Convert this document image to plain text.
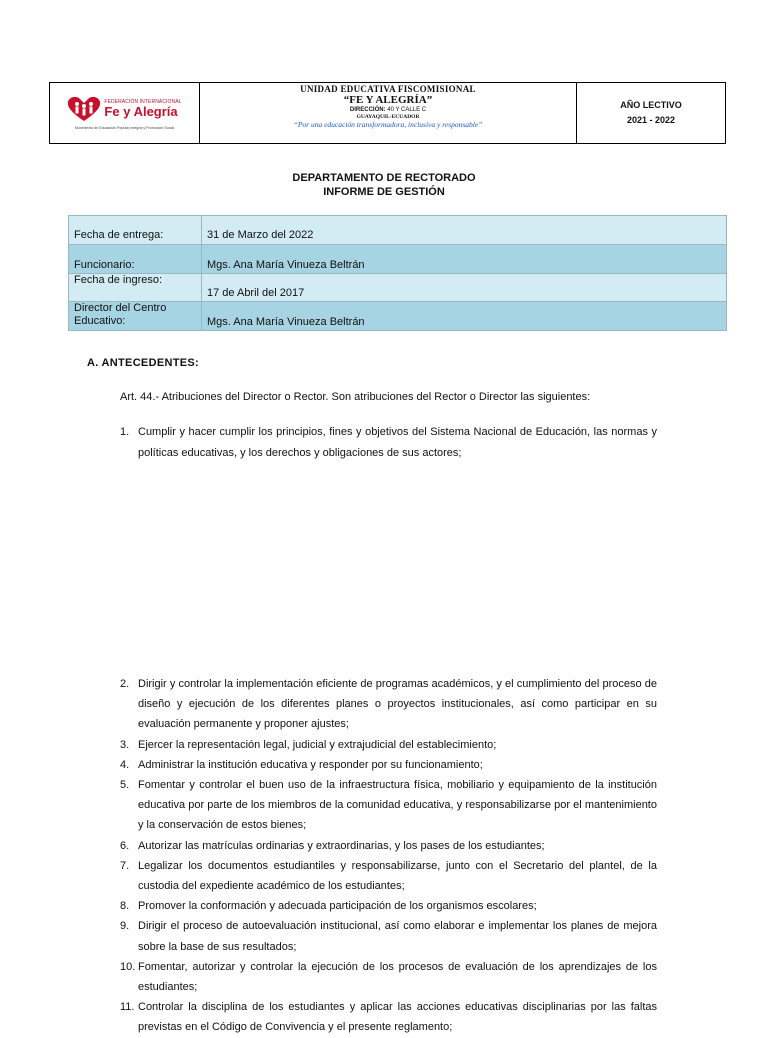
FEDERACIÓN INTERNACIONAL
Fe y Alegría
Movimiento de Educación Popular Integral y Promoción Social
UNIDAD EDUCATIVA FISCOMISIONAL
“FE Y ALEGRÍA”
DIRECCIÓN: 40 Y CALLE C
GUAYAQUIL-ECUADOR
“Por una educación transformadora, inclusiva y responsable”
AÑO LECTIVO
2021 - 2022
DEPARTAMENTO DE RECTORADO
INFORME DE GESTIÓN
Fecha de entrega:	31 de Marzo del 2022
Funcionario:	Mgs. Ana María Vinueza Beltrán
Fecha de ingreso:	17 de Abril del 2017

Director del Centro
Educativo:	Mgs. Ana María Vinueza Beltrán
A. ANTECEDENTES:
Art. 44.- Atribuciones del Director o Rector. Son atribuciones del Rector o Director las siguientes:
1. Cumplir y hacer cumplir los principios, fines y objetivos del Sistema Nacional de Educación, las normas y políticas educativas, y los derechos y obligaciones de sus actores;
2. Dirigir y controlar la implementación eficiente de programas académicos, y el cumplimiento del proceso de diseño y ejecución de los diferentes planes o proyectos institucionales, así como participar en su evaluación permanente y proponer ajustes;
3. Ejercer la representación legal, judicial y extrajudicial del establecimiento;
4. Administrar la institución educativa y responder por su funcionamiento;
5. Fomentar y controlar el buen uso de la infraestructura física, mobiliario y equipamiento de la institución educativa por parte de los miembros de la comunidad educativa, y responsabilizarse por el mantenimiento y la conservación de estos bienes;
6. Autorizar las matrículas ordinarias y extraordinarias, y los pases de los estudiantes;
7. Legalizar los documentos estudiantiles y responsabilizarse, junto con el Secretario del plantel, de la custodia del expediente académico de los estudiantes;
8. Promover la conformación y adecuada participación de los organismos escolares;
9. Dirigir el proceso de autoevaluación institucional, así como elaborar e implementar los planes de mejora sobre la base de sus resultados;
10. Fomentar, autorizar y controlar la ejecución de los procesos de evaluación de los aprendizajes de los estudiantes;
11. Controlar la disciplina de los estudiantes y aplicar las acciones educativas disciplinarias por las faltas previstas en el Código de Convivencia y el presente reglamento;
